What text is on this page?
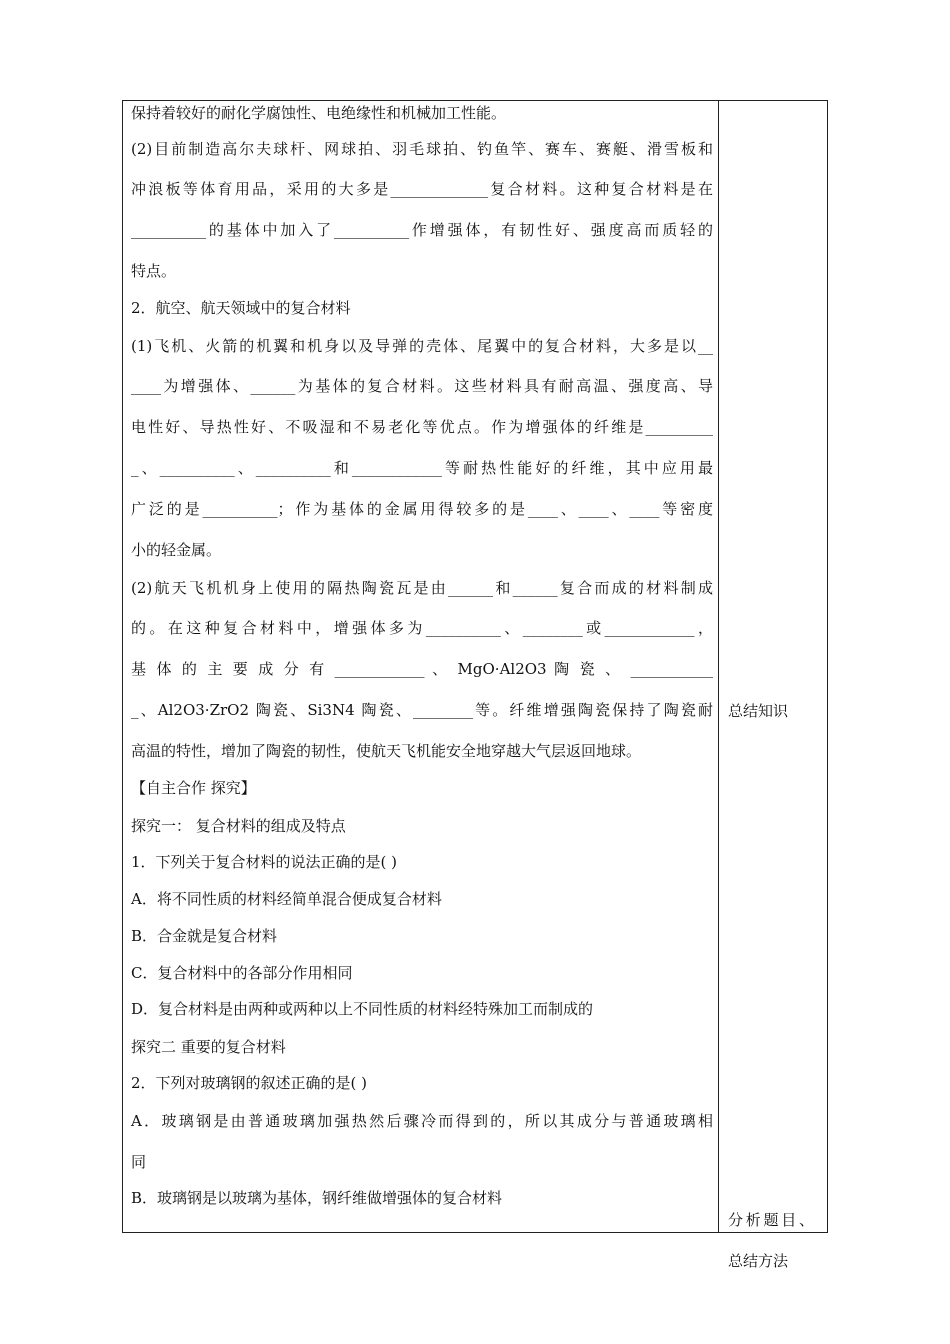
保持着较好的耐化学腐蚀性、电绝缘性和机械加工性能。
(2)目前制造高尔夫球杆、网球拍、羽毛球拍、钓鱼竿、赛车、赛艇、滑雪板和
冲浪板等体育用品，采用的大多是_____________复合材料。这种复合材料是在
__________的基体中加入了__________作增强体，有韧性好、强度高而质轻的
特点。
2．航空、航天领域中的复合材料
(1)飞机、火箭的机翼和机身以及导弹的壳体、尾翼中的复合材料，大多是以__
____为增强体、______为基体的复合材料。这些材料具有耐高温、强度高、导
电性好、导热性好、不吸湿和不易老化等优点。作为增强体的纤维是_________
_、__________、__________和____________等耐热性能好的纤维，其中应用最
广泛的是__________；作为基体的金属用得较多的是____、____、____等密度
小的轻金属。
(2)航天飞机机身上使用的隔热陶瓷瓦是由______和______复合而成的材料制成
的。在这种复合材料中，增强体多为__________、________或____________，
基 体 的 主 要 成 分 有 ____________ 、 MgO·Al2O3 陶 瓷 、 ___________
_、Al2O3·ZrO2 陶瓷、Si3N4 陶瓷、________等。纤维增强陶瓷保持了陶瓷耐
高温的特性，增加了陶瓷的韧性，使航天飞机能安全地穿越大气层返回地球。
【自主合作 探究】
探究一： 复合材料的组成及特点
1．下列关于复合材料的说法正确的是( )
A．将不同性质的材料经简单混合便成复合材料
B．合金就是复合材料
C．复合材料中的各部分作用相同
D．复合材料是由两种或两种以上不同性质的材料经特殊加工而制成的
探究二 重要的复合材料
2．下列对玻璃钢的叙述正确的是( )
A．玻璃钢是由普通玻璃加强热然后骤冷而得到的，所以其成分与普通玻璃相
同
B．玻璃钢是以玻璃为基体，钢纤维做增强体的复合材料
总结知识
分析题目、
总结方法
